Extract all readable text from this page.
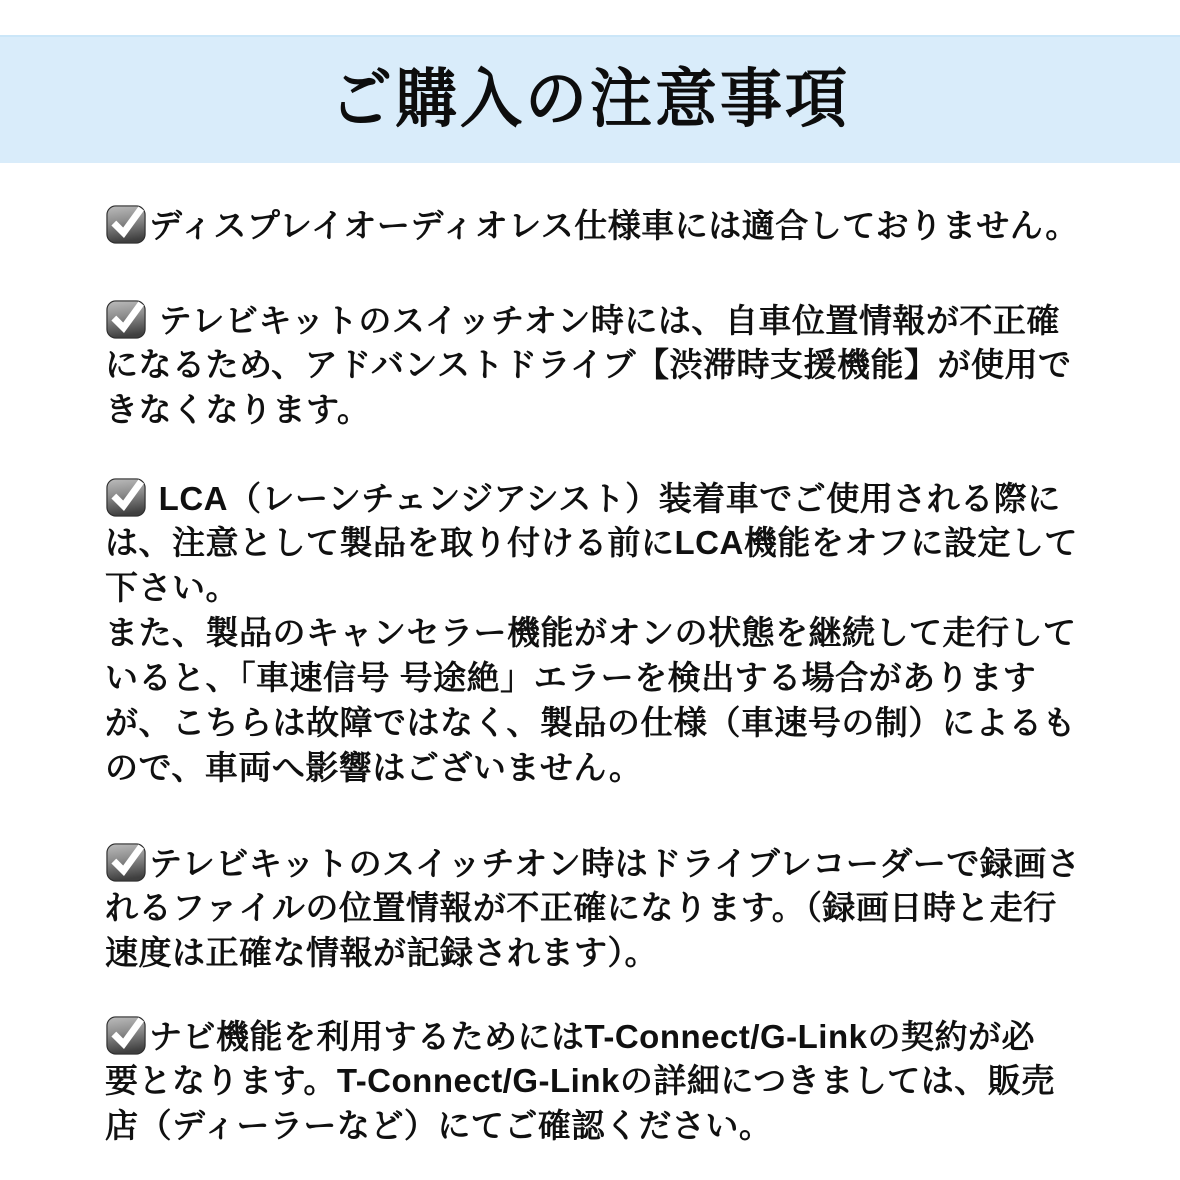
ご購入の注意事項
ディスプレイオーディオレス仕様車には適合しておりません。
テレビキットのスイッチオン時には、自車位置情報が不正確
になるため、アドバンストドライブ【渋滞時支援機能】が使用で
きなくなります。
LCA（レーンチェンジアシスト）装着車でご使用される際に
は、注意として製品を取り付ける前にLCA機能をオフに設定して
下さい。
また、製品のキャンセラー機能がオンの状態を継続して走行して
いると、「車速信号 号途絶」エラーを検出する場合があります
が、こちらは故障ではなく、製品の仕様（車速号の制）によるも
ので、車両へ影響はございません。
テレビキットのスイッチオン時はドライブレコーダーで録画さ
れるファイルの位置情報が不正確になります。（録画日時と走行
速度は正確な情報が記録されます）。
ナビ機能を利用するためにはT-Connect/G-Linkの契約が必
要となります。T-Connect/G-Linkの詳細につきましては、販売
店（ディーラーなど）にてご確認ください。
